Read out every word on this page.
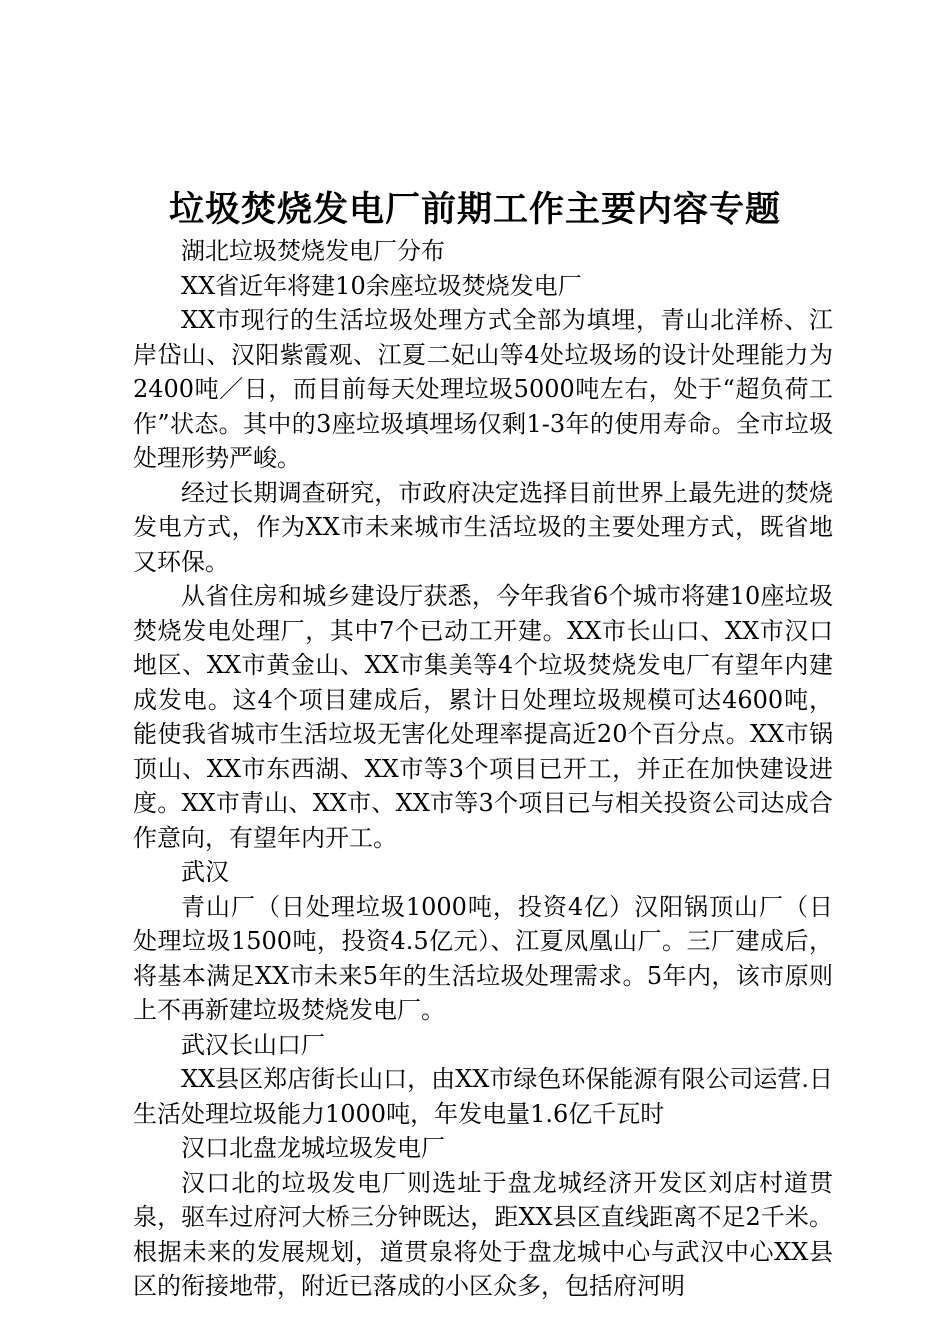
垃圾焚烧发电厂前期工作主要内容专题

湖北垃圾焚烧发电厂分布

XX省近年将建10余座垃圾焚烧发电厂

XX市现行的生活垃圾处理方式全部为填埋，青山北洋桥、江岸岱山、汉阳紫霞观、江夏二妃山等4处垃圾场的设计处理能力为2400吨／日，而目前每天处理垃圾5000吨左右，处于“超负荷工作”状态。其中的3座垃圾填埋场仅剩1-3年的使用寿命。全市垃圾处理形势严峻。

经过长期调查研究，市政府决定选择目前世界上最先进的焚烧发电方式，作为XX市未来城市生活垃圾的主要处理方式，既省地又环保。

从省住房和城乡建设厅获悉，今年我省6个城市将建10座垃圾焚烧发电处理厂，其中7个已动工开建。XX市长山口、XX市汉口地区、XX市黄金山、XX市集美等4个垃圾焚烧发电厂有望年内建成发电。这4个项目建成后，累计日处理垃圾规模可达4600吨，能使我省城市生活垃圾无害化处理率提高近20个百分点。XX市锅顶山、XX市东西湖、XX市等3个项目已开工，并正在加快建设进度。XX市青山、XX市、XX市等3个项目已与相关投资公司达成合作意向，有望年内开工。

武汉

青山厂（日处理垃圾1000吨，投资4亿）汉阳锅顶山厂（日处理垃圾1500吨，投资4.5亿元）、江夏凤凰山厂。三厂建成后，将基本满足XX市未来5年的生活垃圾处理需求。5年内，该市原则上不再新建垃圾焚烧发电厂。

武汉长山口厂

XX县区郑店街长山口，由XX市绿色环保能源有限公司运营.日生活处理垃圾能力1000吨，年发电量1.6亿千瓦时

汉口北盘龙城垃圾发电厂

汉口北的垃圾发电厂则选址于盘龙城经济开发区刘店村道贯泉，驱车过府河大桥三分钟既达，距XX县区直线距离不足2千米。根据未来的发展规划，道贯泉将处于盘龙城中心与武汉中心XX县区的衔接地带，附近已落成的小区众多，包括府河明
